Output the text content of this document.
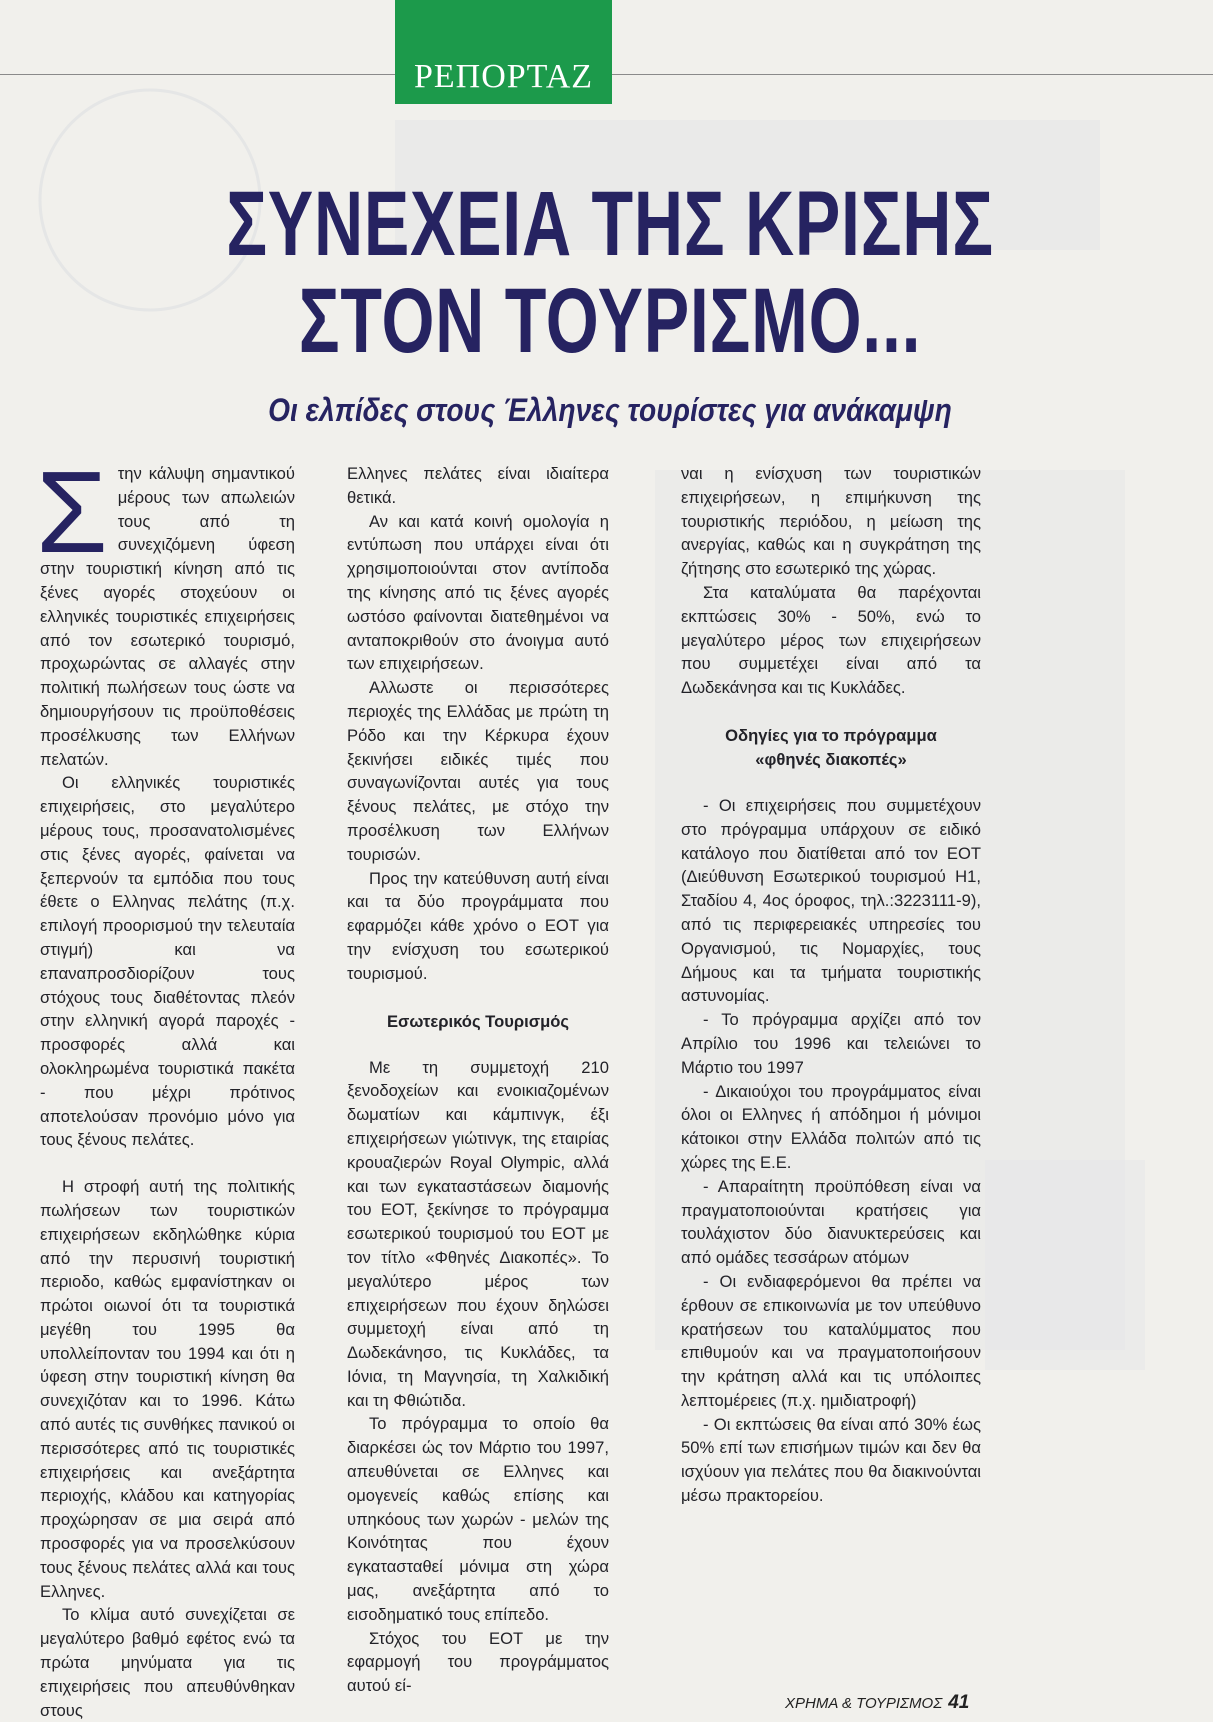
ΡΕΠΟΡΤΑΖ
ΣΥΝΕΧΕΙΑ ΤΗΣ ΚΡΙΣΗΣ
ΣΤΟΝ ΤΟΥΡΙΣΜΟ...
Οι ελπίδες στους Έλληνες τουρίστες για ανάκαμψη

Στην κάλυψη σημαντικού μέρους των απωλειών τους από τη συνεχιζόμενη ύφεση στην τουριστική κίνηση από τις ξένες αγορές στοχεύουν οι ελληνικές τουριστικές επιχειρήσεις από τον εσωτερικό τουρισμό, προχωρώντας σε αλλαγές στην πολιτική πωλήσεων τους ώστε να δημιουργήσουν τις προϋποθέσεις προσέλκυσης των Ελλήνων πελατών.

Οι ελληνικές τουριστικές επιχειρήσεις, στο μεγαλύτερο μέρους τους, προσανατολισμένες στις ξένες αγορές, φαίνεται να ξεπερνούν τα εμπόδια που τους έθετε ο Ελληνας πελάτης (π.χ. επιλογή προορισμού την τελευταία στιγμή) και να επαναπροσδιορίζουν τους στόχους τους διαθέτοντας πλεόν στην ελληνική αγορά παροχές - προσφορές αλλά και ολοκληρωμένα τουριστικά πακέτα - που μέχρι πρότινος αποτελούσαν προνόμιο μόνο για τους ξένους πελάτες.

Η στροφή αυτή της πολιτικής πωλήσεων των τουριστικών επιχειρήσεων εκδηλώθηκε κύρια από την περυσινή τουριστική περιοδο, καθώς εμφανίστηκαν οι πρώτοι οιωνοί ότι τα τουριστικά μεγέθη του 1995 θα υπολλείπονταν του 1994 και ότι η ύφεση στην τουριστική κίνηση θα συνεχιζόταν και το 1996. Κάτω από αυτές τις συνθήκες πανικού οι περισσότερες από τις τουριστικές επιχειρήσεις και ανεξάρτητα περιοχής, κλάδου και κατηγορίας προχώρησαν σε μια σειρά από προσφορές για να προσελκύσουν τους ξένους πελάτες αλλά και τους Ελληνες.

Το κλίμα αυτό συνεχίζεται σε μεγαλύτερο βαθμό εφέτος ενώ τα πρώτα μηνύματα για τις επιχειρήσεις που απευθύνθηκαν στους

Ελληνες πελάτες είναι ιδιαίτερα θετικά.

Αν και κατά κοινή ομολογία η εντύπωση που υπάρχει είναι ότι χρησιμοποιούνται στον αντίποδα της κίνησης από τις ξένες αγορές ωστόσο φαίνονται διατεθημένοι να ανταποκριθούν στο άνοιγμα αυτό των επιχειρήσεων.

Αλλωστε οι περισσότερες περιοχές της Ελλάδας με πρώτη τη Ρόδο και την Κέρκυρα έχουν ξεκινήσει ειδικές τιμές που συναγωνίζονται αυτές για τους ξένους πελάτες, με στόχο την προσέλκυση των Ελλήνων τουρισών.

Προς την κατεύθυνση αυτή είναι και τα δύο προγράμματα που εφαρμόζει κάθε χρόνο ο ΕΟΤ για την ενίσχυση του εσωτερικού τουρισμού.

Εσωτερικός Τουρισμός

Με τη συμμετοχή 210 ξενοδοχείων και ενοικιαζομένων δωματίων και κάμπινγκ, έξι επιχειρήσεων γιώτινγκ, της εταιρίας κρουαζιερών Royal Olympic, αλλά και των εγκαταστάσεων διαμονής του ΕΟΤ, ξεκίνησε το πρόγραμμα εσωτερικού τουρισμού του ΕΟΤ με τον τίτλο «Φθηνές Διακοπές». Το μεγαλύτερο μέρος των επιχειρήσεων που έχουν δηλώσει συμμετοχή είναι από τη Δωδεκάνησο, τις Κυκλάδες, τα Ιόνια, τη Μαγνησία, τη Χαλκιδική και τη Φθιώτιδα.

Το πρόγραμμα το οποίο θα διαρκέσει ώς τον Μάρτιο του 1997, απευθύνεται σε Ελληνες και ομογενείς καθώς επίσης και υπηκόους των χωρών - μελών της Κοινότητας που έχουν εγκατασταθεί μόνιμα στη χώρα μας, ανεξάρτητα από το εισοδηματικό τους επίπεδο.

Στόχος του ΕΟΤ με την εφαρμογή του προγράμματος αυτού εί-

ναι η ενίσχυση των τουριστικών επιχειρήσεων, η επιμήκυνση της τουριστικής περιόδου, η μείωση της ανεργίας, καθώς και η συγκράτηση της ζήτησης στο εσωτερικό της χώρας.

Στα καταλύματα θα παρέχονται εκπτώσεις 30% - 50%, ενώ το μεγαλύτερο μέρος των επιχειρήσεων που συμμετέχει είναι από τα Δωδεκάνησα και τις Κυκλάδες.

Οδηγίες για το πρόγραμμα
«φθηνές διακοπές»

- Οι επιχειρήσεις που συμμετέχουν στο πρόγραμμα υπάρχουν σε ειδικό κατάλογο που διατίθεται από τον ΕΟΤ (Διεύθυνση Εσωτερικού τουρισμού Η1, Σταδίου 4, 4ος όροφος, τηλ.:3223111-9), από τις περιφερειακές υπηρεσίες του Οργανισμού, τις Νομαρχίες, τους Δήμους και τα τμήματα τουριστικής αστυνομίας.

- Το πρόγραμμα αρχίζει από τον Απρίλιο του 1996 και τελειώνει το Μάρτιο του 1997

- Δικαιούχοι του προγράμματος είναι όλοι οι Ελληνες ή απόδημοι ή μόνιμοι κάτοικοι στην Ελλάδα πολιτών από τις χώρες της Ε.Ε.

- Απαραίτητη προϋπόθεση είναι να πραγματοποιούνται κρατήσεις για τουλάχιστον δύο διανυκτερεύσεις και από ομάδες τεσσάρων ατόμων

- Οι ενδιαφερόμενοι θα πρέπει να έρθουν σε επικοινωνία με τον υπεύθυνο κρατήσεων του καταλύμματος που επιθυμούν και να πραγματοποιήσουν την κράτηση αλλά και τις υπόλοιπες λεπτομέρειες (π.χ. ημιδιατροφή)

- Οι εκπτώσεις θα είναι από 30% έως 50% επί των επισήμων τιμών και δεν θα ισχύουν για πελάτες που θα διακινούνται μέσω πρακτορείου.

ΧΡΗΜΑ & ΤΟΥΡΙΣΜΟΣ 41
